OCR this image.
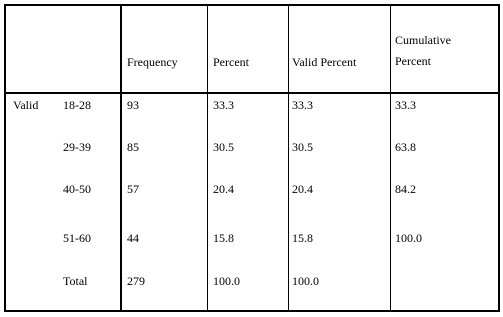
Frequency	Percent	Valid Percent
Cumulative
Percent
Valid 18-28	93	33.3	33.3	33.3
29-39	85	30.5	30.5	63.8
40-50	57	20.4	20.4	84.2
51-60	44	15.8	15.8	100.0
Total	279	100.0	100.0
